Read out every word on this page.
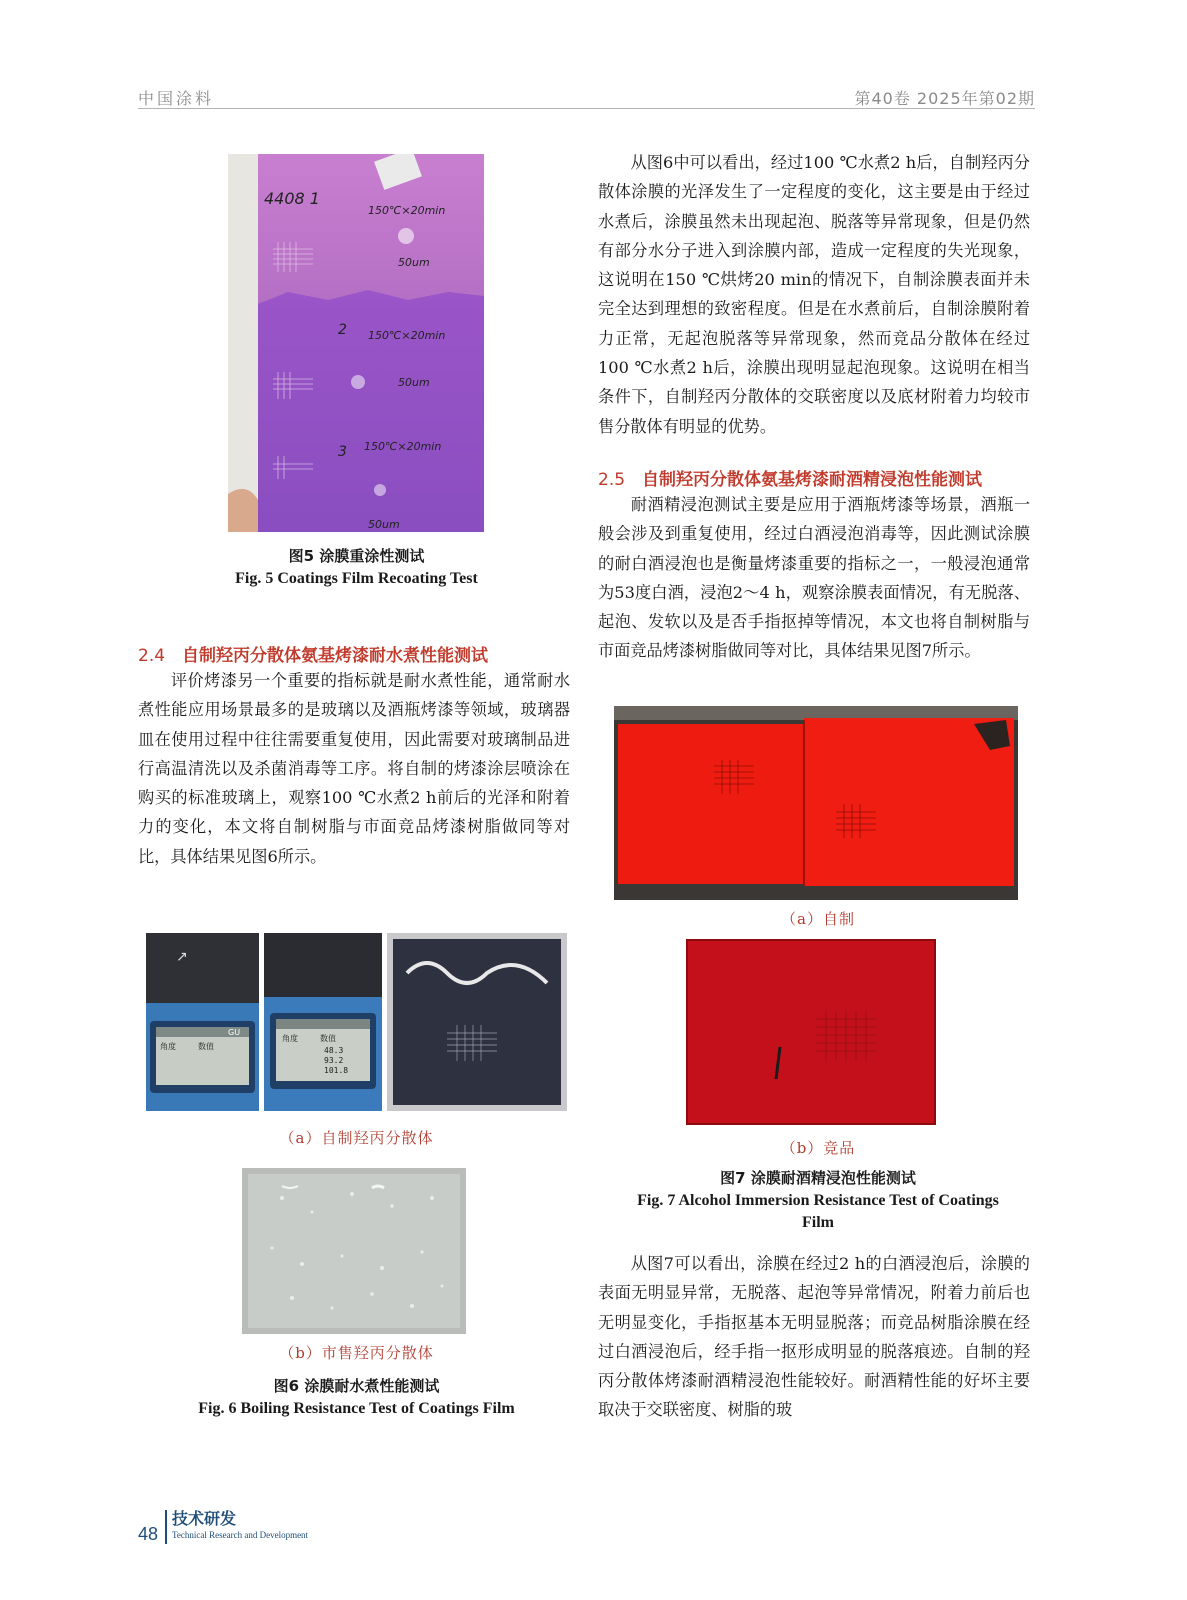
中国涂料	第40卷 2025年第02期
4408 1
150℃×20min
50um
2 150℃×20min
50um
3 150℃×20min
50um
图5 涂膜重涂性测试
Fig. 5 Coatings Film Recoating Test
2.4 自制羟丙分散体氨基烤漆耐水煮性能测试

评价烤漆另一个重要的指标就是耐水煮性能，通常耐水煮性能应用场景最多的是玻璃以及酒瓶烤漆等领域，玻璃器皿在使用过程中往往需要重复使用，因此需要对玻璃制品进行高温清洗以及杀菌消毒等工序。将自制的烤漆涂层喷涂在购买的标准玻璃上，观察100 ℃水煮2 h前后的光泽和附着力的变化，本文将自制树脂与市面竞品烤漆树脂做同等对比，具体结果见图6所示。

GU
角度	数值
↗
角度	数值
48.3
93.2
101.8
（a）自制羟丙分散体
（b）市售羟丙分散体
图6 涂膜耐水煮性能测试
Fig. 6 Boiling Resistance Test of Coatings Film

从图6中可以看出，经过100 ℃水煮2 h后，自制羟丙分散体涂膜的光泽发生了一定程度的变化，这主要是由于经过水煮后，涂膜虽然未出现起泡、脱落等异常现象，但是仍然有部分水分子进入到涂膜内部，造成一定程度的失光现象，这说明在150 ℃烘烤20 min的情况下，自制涂膜表面并未完全达到理想的致密程度。但是在水煮前后，自制涂膜附着力正常，无起泡脱落等异常现象，然而竞品分散体在经过100 ℃水煮2 h后，涂膜出现明显起泡现象。这说明在相当条件下，自制羟丙分散体的交联密度以及底材附着力均较市售分散体有明显的优势。

2.5 自制羟丙分散体氨基烤漆耐酒精浸泡性能测试

耐酒精浸泡测试主要是应用于酒瓶烤漆等场景，酒瓶一般会涉及到重复使用，经过白酒浸泡消毒等，因此测试涂膜的耐白酒浸泡也是衡量烤漆重要的指标之一，一般浸泡通常为53度白酒，浸泡2～4 h，观察涂膜表面情况，有无脱落、起泡、发软以及是否手指抠掉等情况，本文也将自制树脂与市面竞品烤漆树脂做同等对比，具体结果见图7所示。

（a）自制
（b）竞品
图7 涂膜耐酒精浸泡性能测试
Fig. 7 Alcohol Immersion Resistance Test of Coatings
Film

从图7可以看出，涂膜在经过2 h的白酒浸泡后，涂膜的表面无明显异常，无脱落、起泡等异常情况，附着力前后也无明显变化，手指抠基本无明显脱落；而竞品树脂涂膜在经过白酒浸泡后，经手指一抠形成明显的脱落痕迹。自制的羟丙分散体烤漆耐酒精浸泡性能较好。耐酒精性能的好坏主要取决于交联密度、树脂的玻

48
技术研发
Technical Research and Development
